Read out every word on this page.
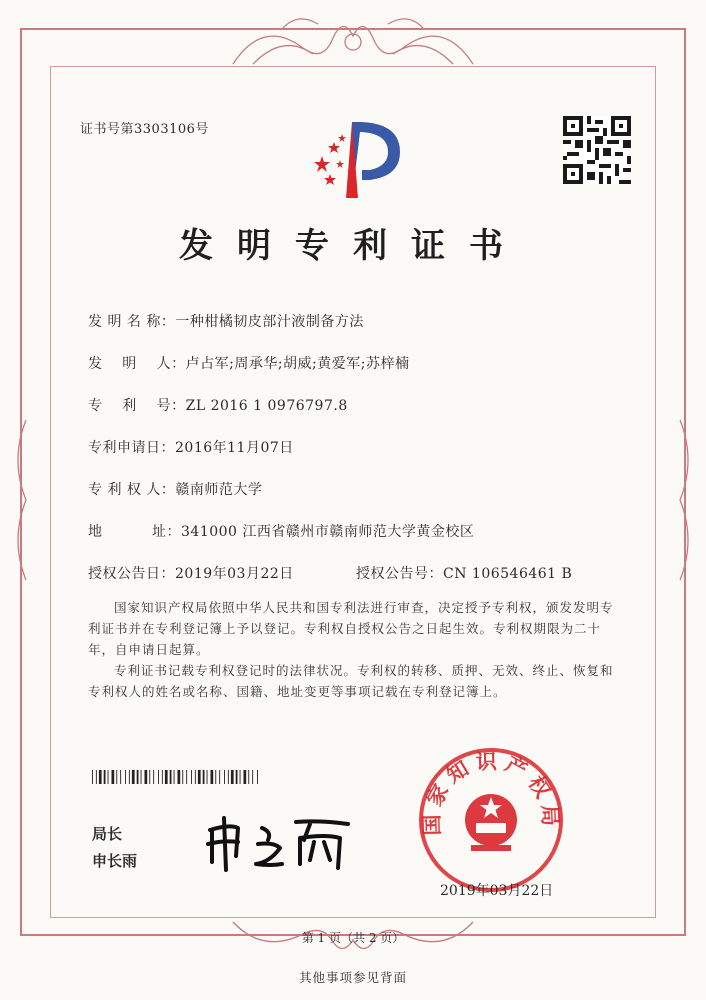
证书号第3303106号
发明专利证书
发 明 名 称：一种柑橘韧皮部汁液制备方法
发    明    人：卢占军;周承华;胡威;黄爱军;苏梓楠
专    利    号：ZL 2016 1 0976797.8
专利申请日：2016年11月07日
专 利 权 人：赣南师范大学
地          址：341000 江西省赣州市赣南师范大学黄金校区
授权公告日：2019年03月22日	授权公告号：CN 106546461 B
国家知识产权局依照中华人民共和国专利法进行审查，决定授予专利权，颁发发明专利证书并在专利登记簿上予以登记。专利权自授权公告之日起生效。专利权期限为二十年，自申请日起算。
专利证书记载专利权登记时的法律状况。专利权的转移、质押、无效、终止、恢复和专利权人的姓名或名称、国籍、地址变更等事项记载在专利登记簿上。
局长
申长雨
国家知识产权局
2019年03月22日
第 1 页（共 2 页）
其他事项参见背面
